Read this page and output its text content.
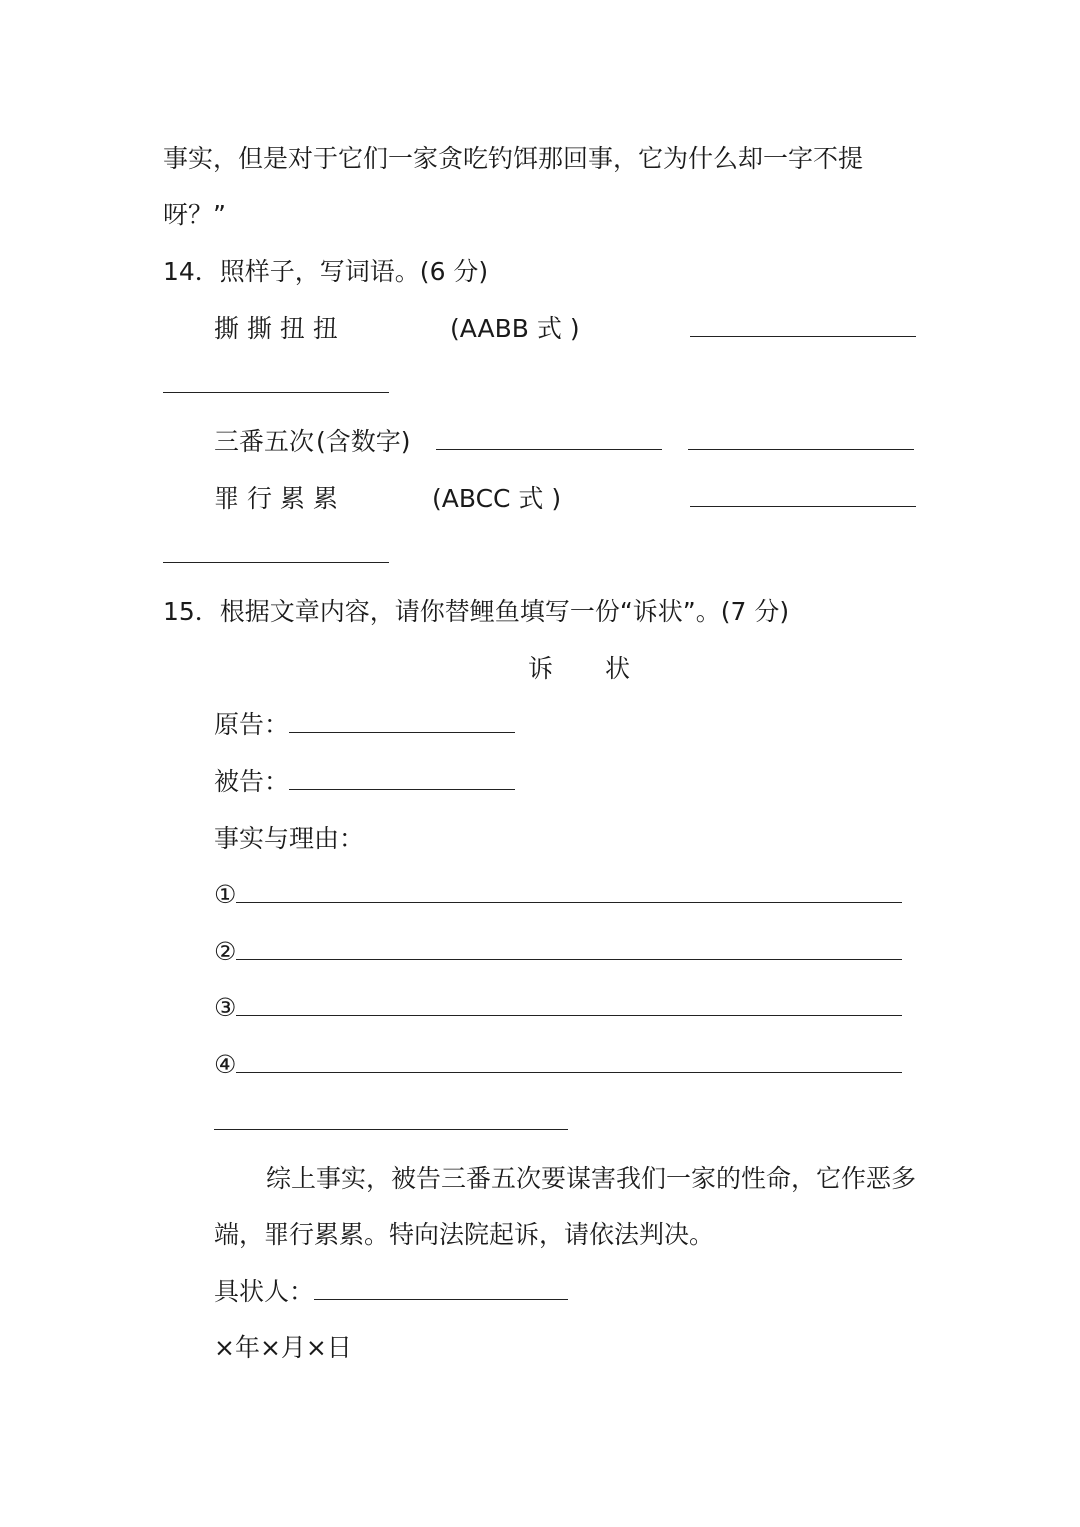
事实，但是对于它们一家贪吃钓饵那回事，它为什么却一字不提
呀？”
14．照样子，写词语。(6 分)
撕 撕 扭 扭	(AABB 式 )
三番五次 (含数字)
罪 行 累 累	(ABCC 式 )
15．根据文章内容，请你替鲤鱼填写一份“诉状”。(7 分)
诉 状
原告：
被告：
事实与理由：
①
②
③
④
综上事实，被告三番五次要谋害我们一家的性命，它作恶多
端，罪行累累。特向法院起诉，请依法判决。
具状人：
×年×月×日
